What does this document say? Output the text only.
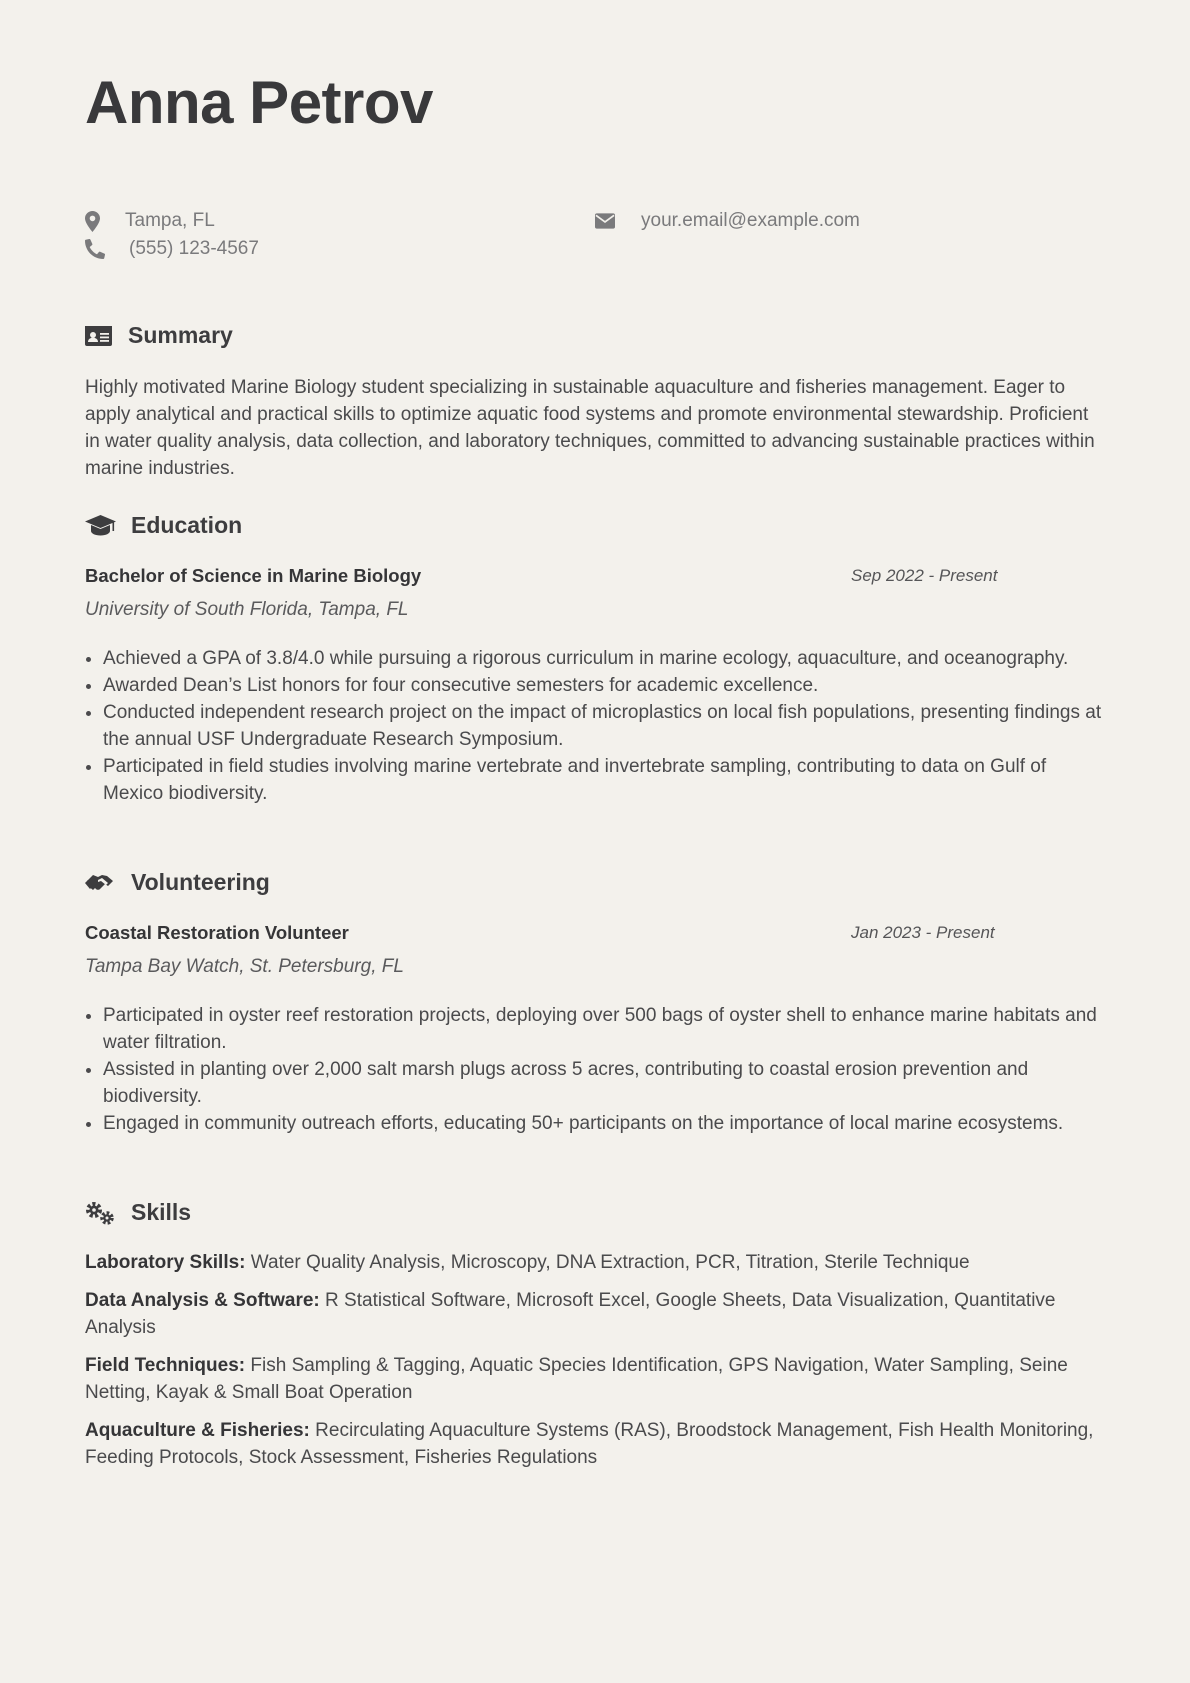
Anna Petrov
Tampa, FL
(555) 123-4567
your.email@example.com
Summary

Highly motivated Marine Biology student specializing in sustainable aquaculture and fisheries management. Eager to apply analytical and practical skills to optimize aquatic food systems and promote environmental stewardship. Proficient in water quality analysis, data collection, and laboratory techniques, committed to advancing sustainable practices within marine industries.

Education
Bachelor of Science in Marine Biology	Sep 2022 - Present
University of South Florida, Tampa, FL
• Achieved a GPA of 3.8/4.0 while pursuing a rigorous curriculum in marine ecology, aquaculture, and oceanography.
• Awarded Dean’s List honors for four consecutive semesters for academic excellence.
• Conducted independent research project on the impact of microplastics on local fish populations, presenting findings at the annual USF Undergraduate Research Symposium.
• Participated in field studies involving marine vertebrate and invertebrate sampling, contributing to data on Gulf of Mexico biodiversity.
Volunteering
Coastal Restoration Volunteer	Jan 2023 - Present
Tampa Bay Watch, St. Petersburg, FL
• Participated in oyster reef restoration projects, deploying over 500 bags of oyster shell to enhance marine habitats and water filtration.
• Assisted in planting over 2,000 salt marsh plugs across 5 acres, contributing to coastal erosion prevention and biodiversity.
• Engaged in community outreach efforts, educating 50+ participants on the importance of local marine ecosystems.
Skills

Laboratory Skills: Water Quality Analysis, Microscopy, DNA Extraction, PCR, Titration, Sterile Technique

Data Analysis & Software: R Statistical Software, Microsoft Excel, Google Sheets, Data Visualization, Quantitative Analysis

Field Techniques: Fish Sampling & Tagging, Aquatic Species Identification, GPS Navigation, Water Sampling, Seine Netting, Kayak & Small Boat Operation

Aquaculture & Fisheries: Recirculating Aquaculture Systems (RAS), Broodstock Management, Fish Health Monitoring, Feeding Protocols, Stock Assessment, Fisheries Regulations
